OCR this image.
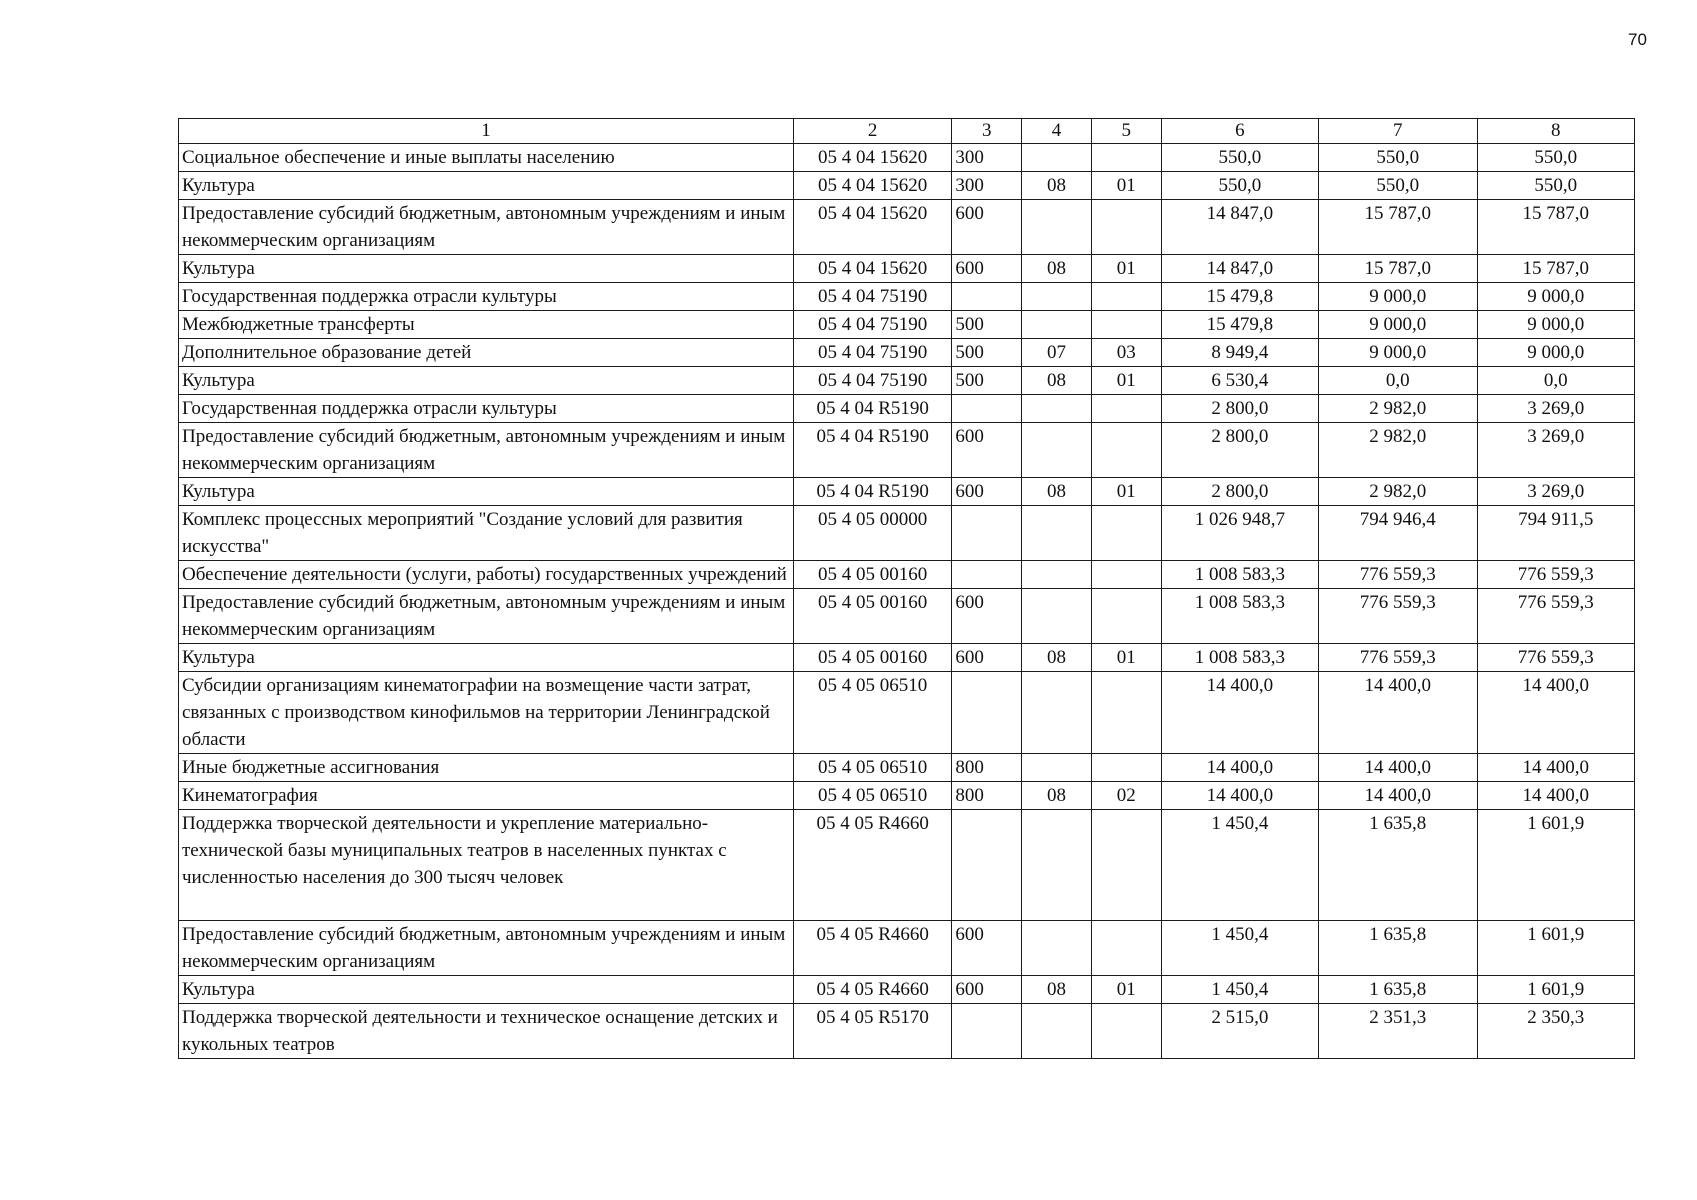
70
1	2	3	4	5	6	7	8
Социальное обеспечение и иные выплаты населению	05 4 04 15620	300			550,0	550,0	550,0
Культура	05 4 04 15620	300	08	01	550,0	550,0	550,0
Предоставление субсидий бюджетным, автономным учреждениям и иным некоммерческим организациям	05 4 04 15620	600			14 847,0	15 787,0	15 787,0
Культура	05 4 04 15620	600	08	01	14 847,0	15 787,0	15 787,0
Государственная поддержка отрасли культуры	05 4 04 75190				15 479,8	9 000,0	9 000,0
Межбюджетные трансферты	05 4 04 75190	500			15 479,8	9 000,0	9 000,0
Дополнительное образование детей	05 4 04 75190	500	07	03	8 949,4	9 000,0	9 000,0
Культура	05 4 04 75190	500	08	01	6 530,4	0,0	0,0
Государственная поддержка отрасли культуры	05 4 04 R5190				2 800,0	2 982,0	3 269,0
Предоставление субсидий бюджетным, автономным учреждениям и иным некоммерческим организациям	05 4 04 R5190	600			2 800,0	2 982,0	3 269,0
Культура	05 4 04 R5190	600	08	01	2 800,0	2 982,0	3 269,0
Комплекс процессных мероприятий "Создание условий для развития искусства"	05 4 05 00000				1 026 948,7	794 946,4	794 911,5
Обеспечение деятельности (услуги, работы) государственных учреждений	05 4 05 00160				1 008 583,3	776 559,3	776 559,3
Предоставление субсидий бюджетным, автономным учреждениям и иным некоммерческим организациям	05 4 05 00160	600			1 008 583,3	776 559,3	776 559,3
Культура	05 4 05 00160	600	08	01	1 008 583,3	776 559,3	776 559,3
Субсидии организациям кинематографии на возмещение части затрат, связанных с производством кинофильмов на территории Ленинградской области	05 4 05 06510				14 400,0	14 400,0	14 400,0
Иные бюджетные ассигнования	05 4 05 06510	800			14 400,0	14 400,0	14 400,0
Кинематография	05 4 05 06510	800	08	02	14 400,0	14 400,0	14 400,0
Поддержка творческой деятельности и укрепление материально-технической базы муниципальных театров в населенных пунктах с численностью населения до 300 тысяч человек	05 4 05 R4660				1 450,4	1 635,8	1 601,9
Предоставление субсидий бюджетным, автономным учреждениям и иным некоммерческим организациям	05 4 05 R4660	600			1 450,4	1 635,8	1 601,9
Культура	05 4 05 R4660	600	08	01	1 450,4	1 635,8	1 601,9
Поддержка творческой деятельности и техническое оснащение детских и кукольных театров	05 4 05 R5170				2 515,0	2 351,3	2 350,3
